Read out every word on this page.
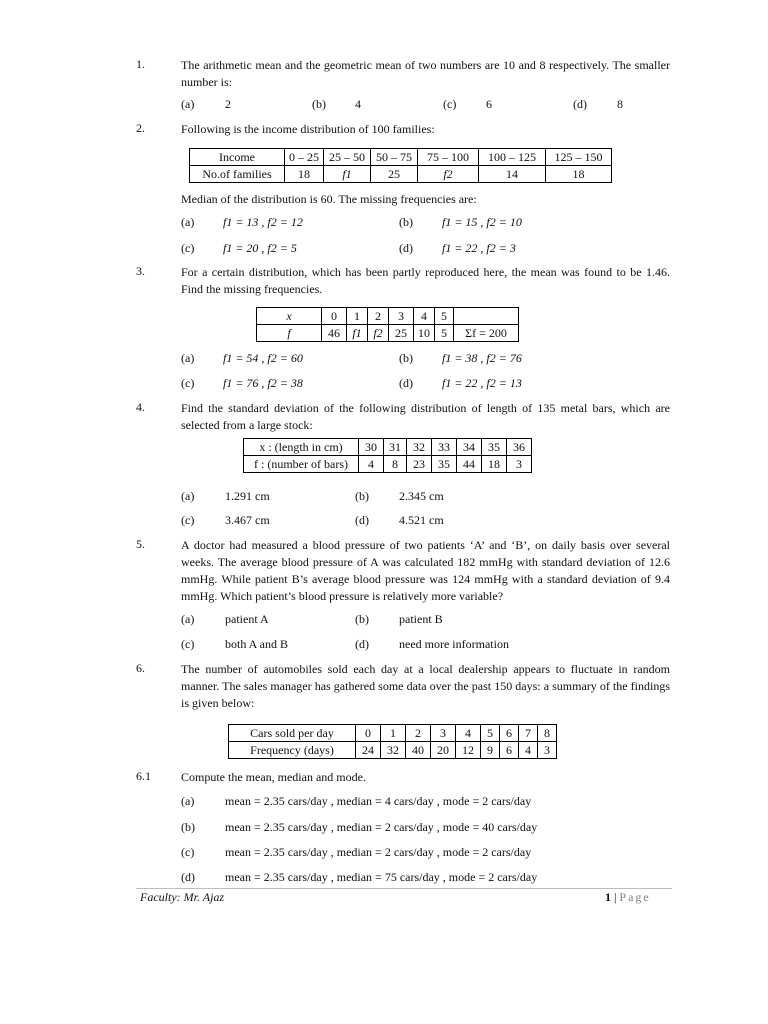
1.	The arithmetic mean and the geometric mean of two numbers are 10 and 8 respectively. The smaller number is:
(a)	2	(b) 4	(c) 6	(d)	8
2.	Following is the income distribution of 100 families:
Income	0 – 25	25 – 50	50 – 75	75 – 100	100 – 125	125 – 150
No.of families	18	f1	25	f2	14	18
Median of the distribution is 60. The missing frequencies are:
(a) f1 = 13 , f2 = 12	(b) f1 = 15 , f2 = 10
(c) f1 = 20 , f2 = 5	(d) f1 = 22 , f2 = 3
3.	For a certain distribution, which has been partly reproduced here, the mean was found to be 1.46. Find the missing frequencies.
x	0	1	2	3	4	5	
f	46	f1	f2	25	10	5	Σf = 200
(a) f1 = 54 , f2 = 60	(b) f1 = 38 , f2 = 76
(c) f1 = 76 , f2 = 38	(d) f1 = 22 , f2 = 13
4.	Find the standard deviation of the following distribution of length of 135 metal bars, which are selected from a large stock:
x : (length in cm)	30	31	32	33	34	35	36
f : (number of bars)	4	8	23	35	44	18	3
(a)	1.291 cm	(b)	2.345 cm
(c)	3.467 cm	(d)	4.521 cm
5.	A doctor had measured a blood pressure of two patients ‘A’ and ‘B’, on daily basis over several weeks. The average blood pressure of A was calculated 182 mmHg with standard deviation of 12.6 mmHg. While patient B’s average blood pressure was 124 mmHg with a standard deviation of 9.4 mmHg. Which patient’s blood pressure is relatively more variable?
(a)	patient A	(b)	patient B
(c)	both A and B	(d)	need more information
6.	The number of automobiles sold each day at a local dealership appears to fluctuate in random manner. The sales manager has gathered some data over the past 150 days: a summary of the findings is given below:
Cars sold per day	0	1	2	3	4	5	6	7	8
Frequency (days)	24	32	40	20	12	9	6	4	3
6.1	Compute the mean, median and mode.
(a)	mean = 2.35 cars/day , median = 4 cars/day , mode = 2 cars/day
(b)	mean = 2.35 cars/day , median = 2 cars/day , mode = 40 cars/day
(c)	mean = 2.35 cars/day , median = 2 cars/day , mode = 2 cars/day
(d)	mean = 2.35 cars/day , median = 75 cars/day , mode = 2 cars/day
Faculty: Mr. Ajaz	1 | Page
